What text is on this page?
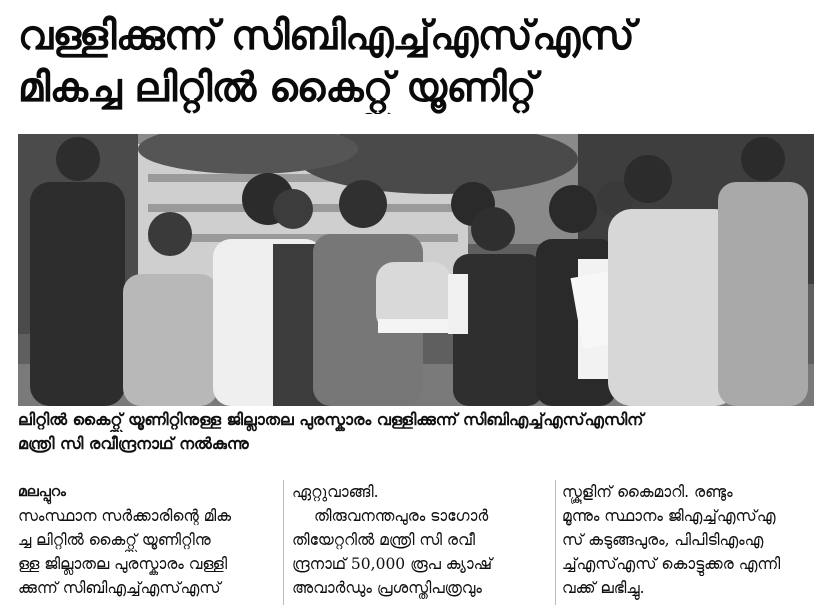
വള്ളിക്കുന്ന് സിബിഎച്ച്എസ്എസ്
മികച്ച ലിറ്റിൽ കൈറ്റ്സ് യൂണിറ്റ്
ലിറ്റിൽ കൈറ്റ്സ് യൂണിറ്റിനുള്ള ജില്ലാതല പുരസ്കാരം വള്ളിക്കുന്ന് സിബിഎച്ച്എസ്എസിന്
മന്ത്രി സി രവീന്ദ്രനാഥ് നൽകുന്നു
മലപ്പുറം
സംസ്ഥാന സർക്കാരിന്റെ മിക
ച്ച ലിറ്റിൽ കൈറ്റ്സ് യൂണിറ്റിനു
ള്ള ജില്ലാതല പുരസ്കാരം വള്ളി
ക്കുന്ന് സിബിഎച്ച്എസ്എസ്
ഏറ്റുവാങ്ങി.
തിരുവനന്തപുരം ടാഗോർ
തിയേറ്ററിൽ മന്ത്രി സി രവീ
ന്ദ്രനാഥ് 50,000 രൂപ ക്യാഷ്
അവാർഡും പ്രശസ്തിപത്രവും
സ്കൂളിന് കൈമാറി. രണ്ടും
മൂന്നും സ്ഥാനം ജിഎച്ച്എസ്എ
സ് കടുങ്ങപുരം, പിപിടിഎംഎ
ച്ച്എസ്എസ് കൊട്ടുക്കര എന്നി
വക്ക് ലഭിച്ചു.
